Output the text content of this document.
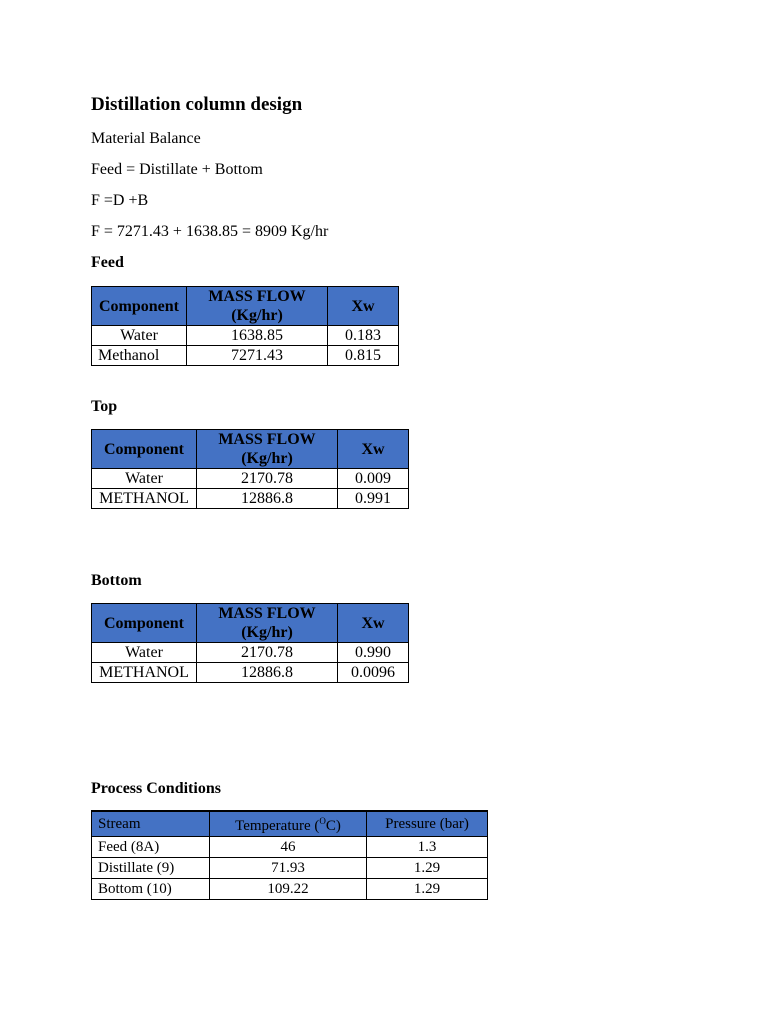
Distillation column design
Material Balance
Feed = Distillate + Bottom
F =D +B
F = 7271.43 + 1638.85 = 8909 Kg/hr
Feed
Component	MASS FLOW (Kg/hr)	Xw
Water	1638.85	0.183
Methanol	7271.43	0.815
Top
Component	MASS FLOW (Kg/hr)	Xw
Water	2170.78	0.009
METHANOL	12886.8	0.991
Bottom
Component	MASS FLOW (Kg/hr)	Xw
Water	2170.78	0.990
METHANOL	12886.8	0.0096
Process Conditions
Stream	Temperature ($^O$C)	Pressure (bar)
Feed (8A)	46	1.3
Distillate (9)	71.93	1.29
Bottom (10)	109.22	1.29
